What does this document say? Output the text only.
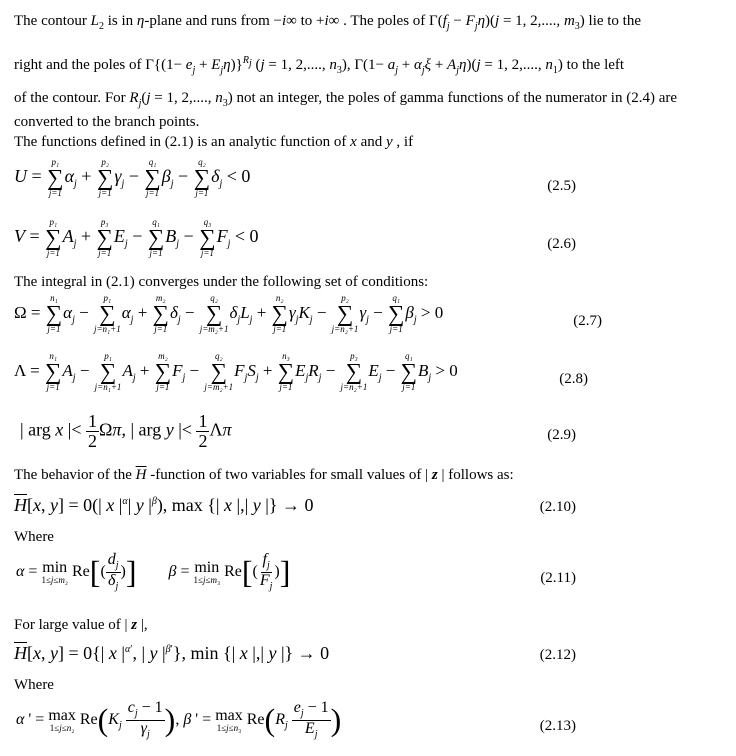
The contour $L_2$ is in η-plane and runs from −i∞ to +i∞ . The poles of $\Gamma(f_j - F_j\eta)(j = 1$, 2,...., $m_3$) lie to the
right and the poles of $\Gamma\{(1- e_j + E_j\eta)\}^{R_j}$ (j = 1, 2,...., $n_3$), $\Gamma(1- a_j + \alpha_j\xi + A_j\eta)(j = 1$, 2,...., $n_1$) to the left
of the contour. For $R_j(j = 1$, 2,...., $n_3$) not an integer, the poles of gamma functions of the numerator in (2.4) are
converted to the branch points.
The functions defined in (2.1) is an analytic function of x and y , if
U =
p₁
∑
j=1
$\alpha_j$ +
p₂
∑
j=1
$\gamma_j$ −
q₁
∑
j=1
$\beta_j$ −
q₂
∑
j=1
$\delta_j < 0$	(2.5)
V =
p₁
∑
j=1
$A_j$ +
p₃
∑
j=1
$E_j$ −
q₁
∑
j=1
$B_j$ −
q₃
∑
j=1
$F_j < 0$	(2.6)
The integral in (2.1) converges under the following set of conditions:
Ω =
n₁
∑
j=1
$\alpha_j$ −
p₁
∑
j=n₁+1
$\alpha_j$ +
m₂
∑
j=1
$\delta_j$ −
q₂
∑
j=m₂+1
$\delta_jL_j$ +
n₂
∑
j=1
$\gamma_jK_j$ −
p₂
∑
j=n₂+1
$\gamma_j$ −
q₁
∑
j=1
$\beta_j > 0$	(2.7)
Λ =
n₁
∑
j=1
$A_j$ −
p₁
∑
j=n₁+1
$A_j$ +
m₂
∑
j=1
$F_j$ −
q₂
∑
j=m₂+1
$F_jS_j$ +
n₃
∑
j=1
$E_jR_j$ −
p₃
∑
j=n₂+1
$E_j$ −
q₁
∑
j=1
$B_j > 0$	(2.8)
| arg x |< $\frac{1}{2} \Omega\pi$, | arg y |< $\frac{1}{2}$ Λπ	(2.9)
The behavior of the $\overline{H}$ -function of two variables for small values of | z | follows as:
$\overline{H}[x$, y] = 0(| x $|^\alpha|$ y $|^\beta$), max {| x |,| y |} → 0	(2.10)
Where
α = min
1≤j≤m₂ $Re[( \frac{d_j}{\delta_j}$ )] β = min
1≤j≤m₃ $Re[( \frac{f_j}{F_j}$ )]	(2.11)
For large value of | z |,
$\overline{H}[x$, y] = 0{| x $|^{\alpha'}$, | y $|^{\beta'}$}, min {| x |,| y |} → 0	(2.12)
Where
α ' = max
1≤j≤n₂ $Re(K_j \frac{c_j - 1}{\gamma_j}$ ), β ' = max
1≤j≤n₃ $Re(R_j \frac{e_j - 1}{E_j}$ )	(2.13)
